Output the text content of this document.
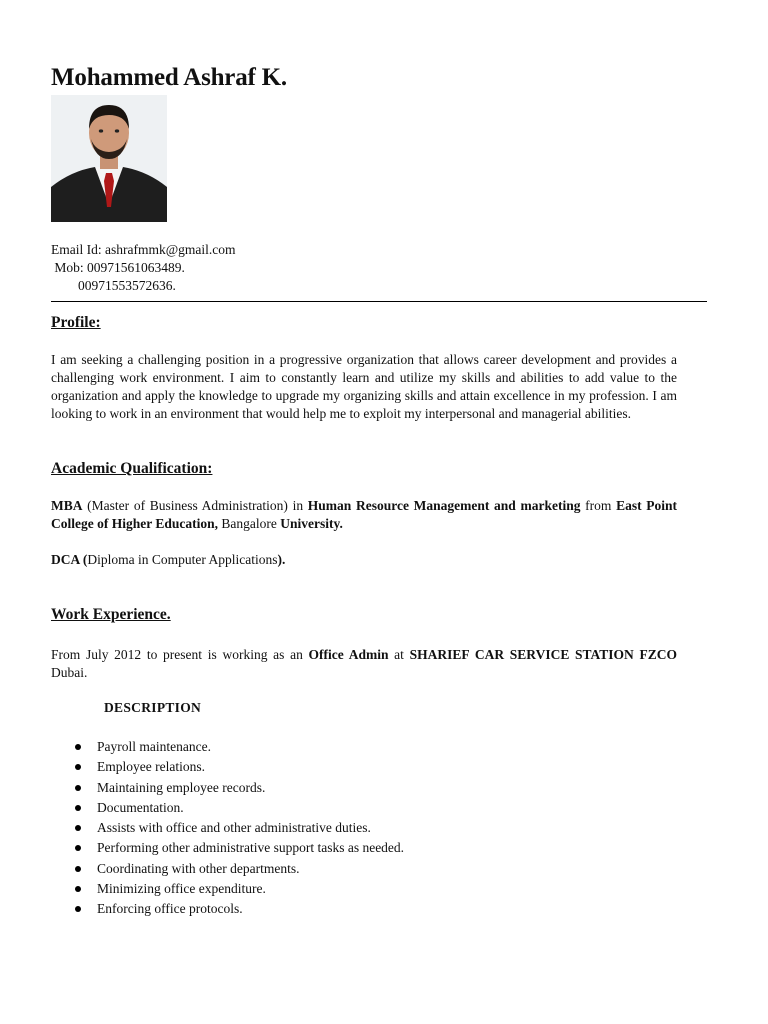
Mohammed Ashraf K.
Email Id: ashrafmmk@gmail.com
Mob: 00971561063489.
00971553572636.
Profile:

I am seeking a challenging position in a progressive organization that allows career development and provides a challenging work environment. I aim to constantly learn and utilize my skills and abilities to add value to the organization and apply the knowledge to upgrade my organizing skills and attain excellence in my profession. I am looking to work in an environment that would help me to exploit my interpersonal and managerial abilities.

Academic Qualification:

MBA (Master of Business Administration) in Human Resource Management and marketing from East Point College of Higher Education, Bangalore University.

DCA (Diploma in Computer Applications).

Work Experience.

From July 2012 to present is working as an Office Admin at SHARIEF CAR SERVICE STATION FZCO Dubai.

DESCRIPTION
Payroll maintenance.
Employee relations.
Maintaining employee records.
Documentation.
Assists with office and other administrative duties.
Performing other administrative support tasks as needed.
Coordinating with other departments.
Minimizing office expenditure.
Enforcing office protocols.
